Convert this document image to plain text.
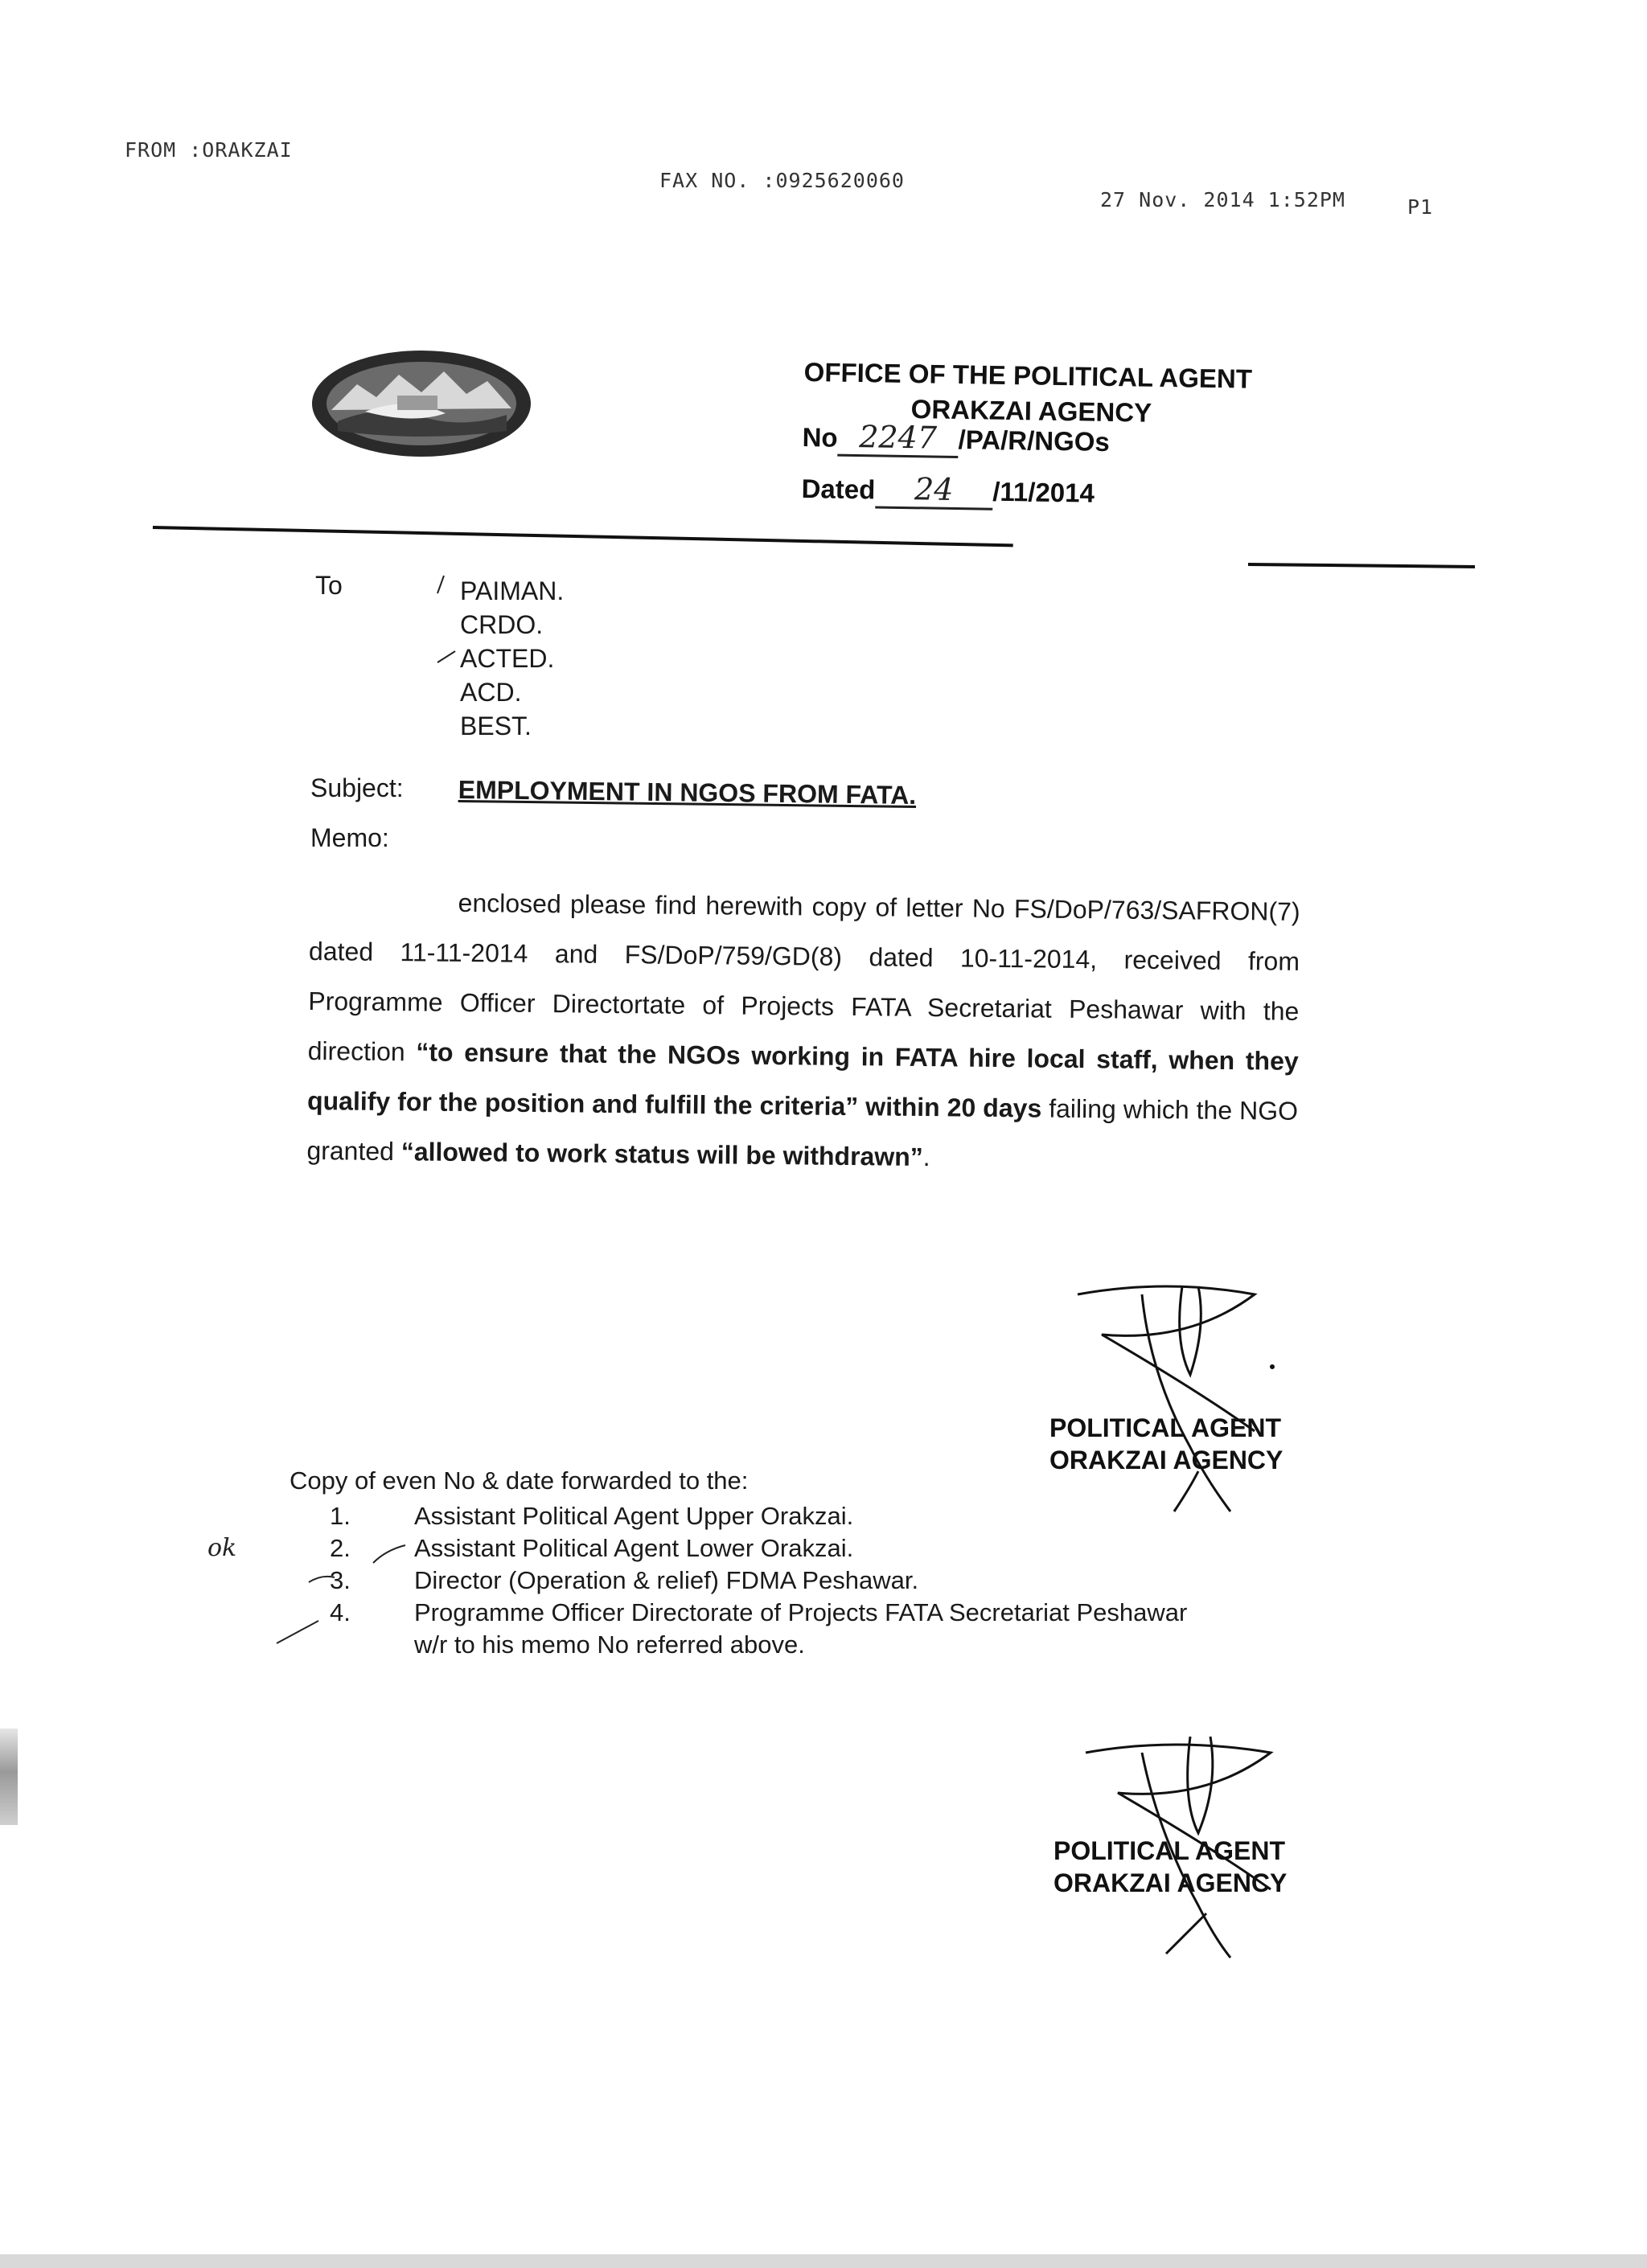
FROM :ORAKZAI
FAX NO. :0925620060
27 Nov. 2014 1:52PM	P1
OFFICE OF THE POLITICAL AGENT
ORAKZAI AGENCY
No 2247 /PA/R/NGOs
Dated 24 /11/2014
To	PAIMAN.
CRDO.
ACTED.
ACD.
BEST.
Subject: EMPLOYMENT IN NGOS FROM FATA.
Memo:
enclosed please find herewith copy of letter No FS/DoP/763/SAFRON(7) dated 11-11-2014 and FS/DoP/759/GD(8) dated 10-11-2014, received from Programme Officer Directortate of Projects FATA Secretariat Peshawar with the direction “to ensure that the NGOs working in FATA hire local staff, when they qualify for the position and fulfill the criteria” within 20 days failing which the NGO granted “allowed to work status will be withdrawn”.
POLITICAL AGENT
ORAKZAI AGENCY
Copy of even No & date forwarded to the:
1.	Assistant Political Agent Upper Orakzai.
2.	Assistant Political Agent Lower Orakzai.
3.	Director (Operation & relief) FDMA Peshawar.
4.	Programme Officer Directorate of Projects FATA Secretariat Peshawar
w/r to his memo No referred above.
ok
POLITICAL AGENT
ORAKZAI AGENCY
